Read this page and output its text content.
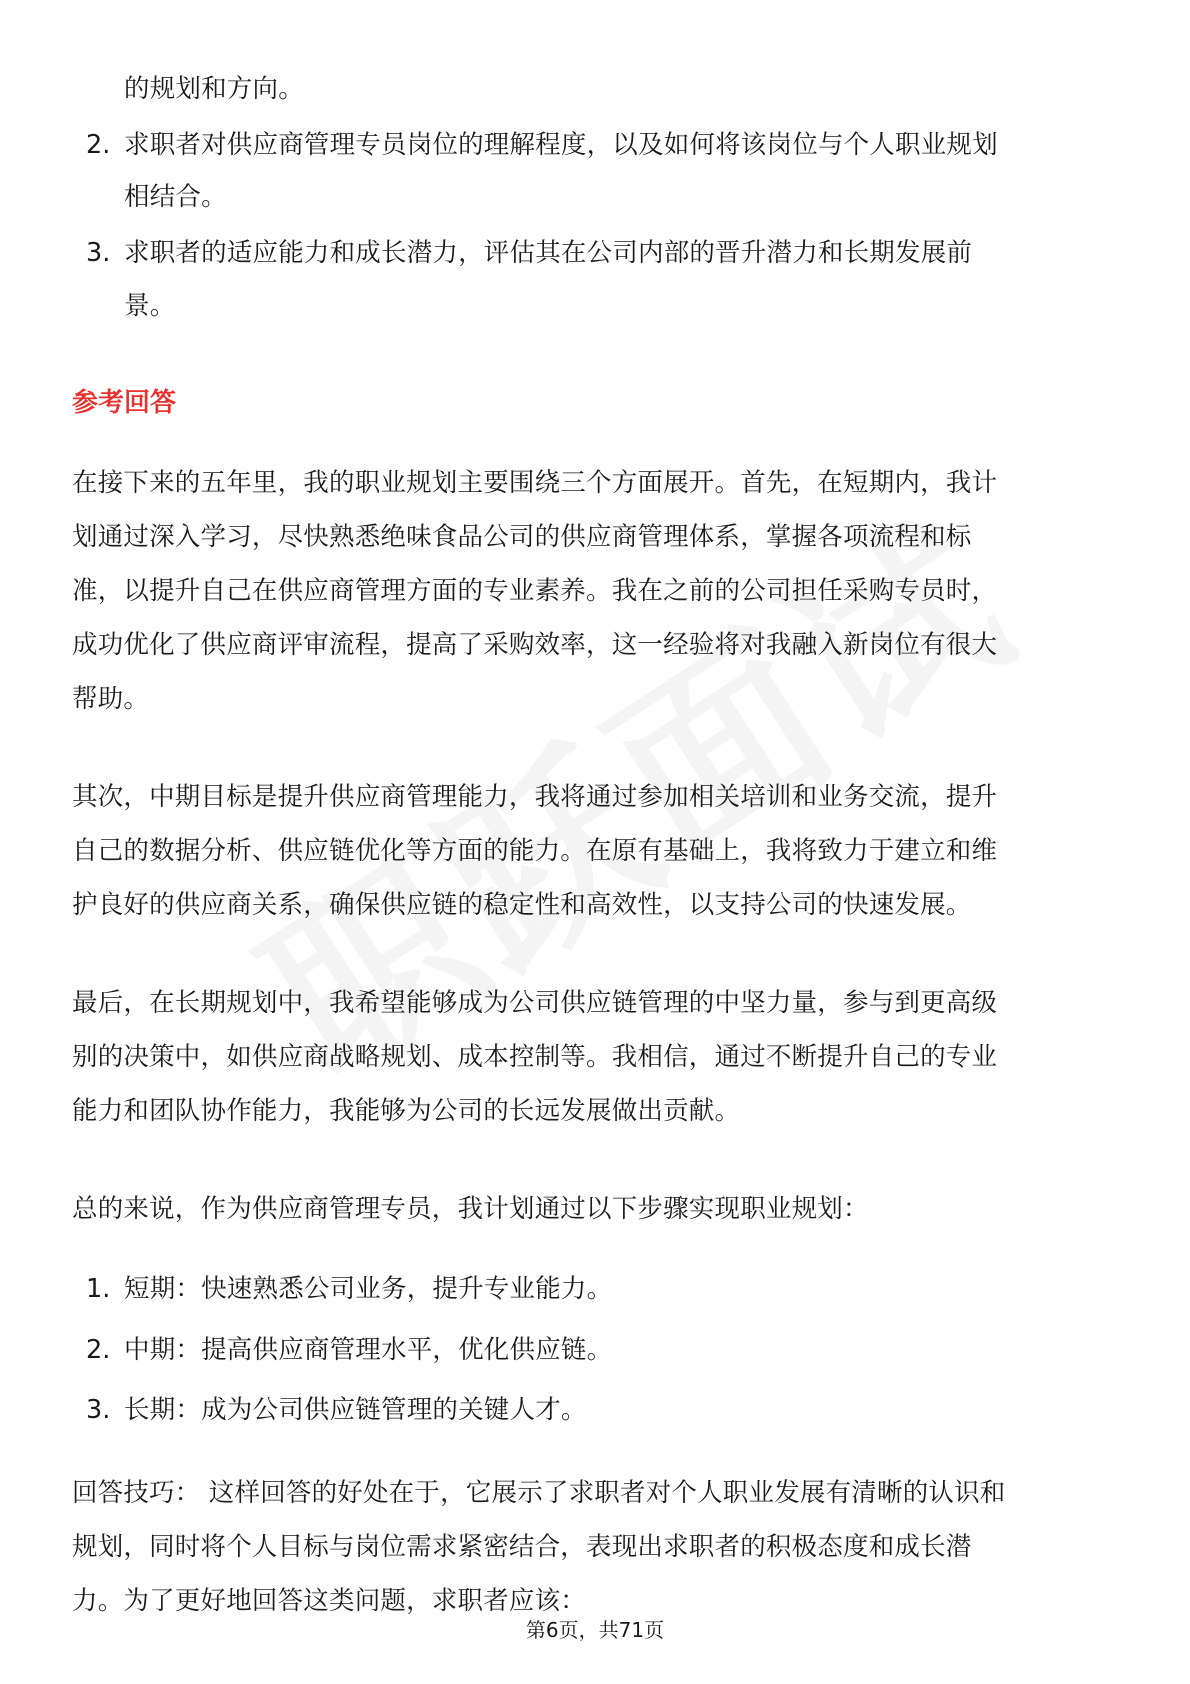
的规划和方向。
2. 求职者对供应商管理专员岗位的理解程度，以及如何将该岗位与个人职业规划
相结合。
3. 求职者的适应能力和成长潜力，评估其在公司内部的晋升潜力和长期发展前
景。
参考回答
在接下来的五年里，我的职业规划主要围绕三个方面展开。首先，在短期内，我计
划通过深入学习，尽快熟悉绝味食品公司的供应商管理体系，掌握各项流程和标
准，以提升自己在供应商管理方面的专业素养。我在之前的公司担任采购专员时，
成功优化了供应商评审流程，提高了采购效率，这一经验将对我融入新岗位有很大
帮助。
其次，中期目标是提升供应商管理能力，我将通过参加相关培训和业务交流，提升
自己的数据分析、供应链优化等方面的能力。在原有基础上，我将致力于建立和维
护良好的供应商关系，确保供应链的稳定性和高效性，以支持公司的快速发展。
最后，在长期规划中，我希望能够成为公司供应链管理的中坚力量，参与到更高级
别的决策中，如供应商战略规划、成本控制等。我相信，通过不断提升自己的专业
能力和团队协作能力，我能够为公司的长远发展做出贡献。
总的来说，作为供应商管理专员，我计划通过以下步骤实现职业规划：
1. 短期：快速熟悉公司业务，提升专业能力。
2. 中期：提高供应商管理水平，优化供应链。
3. 长期：成为公司供应链管理的关键人才。
回答技巧： 这样回答的好处在于，它展示了求职者对个人职业发展有清晰的认识和
规划，同时将个人目标与岗位需求紧密结合，表现出求职者的积极态度和成长潜
力。为了更好地回答这类问题，求职者应该：
第6页，共71页
